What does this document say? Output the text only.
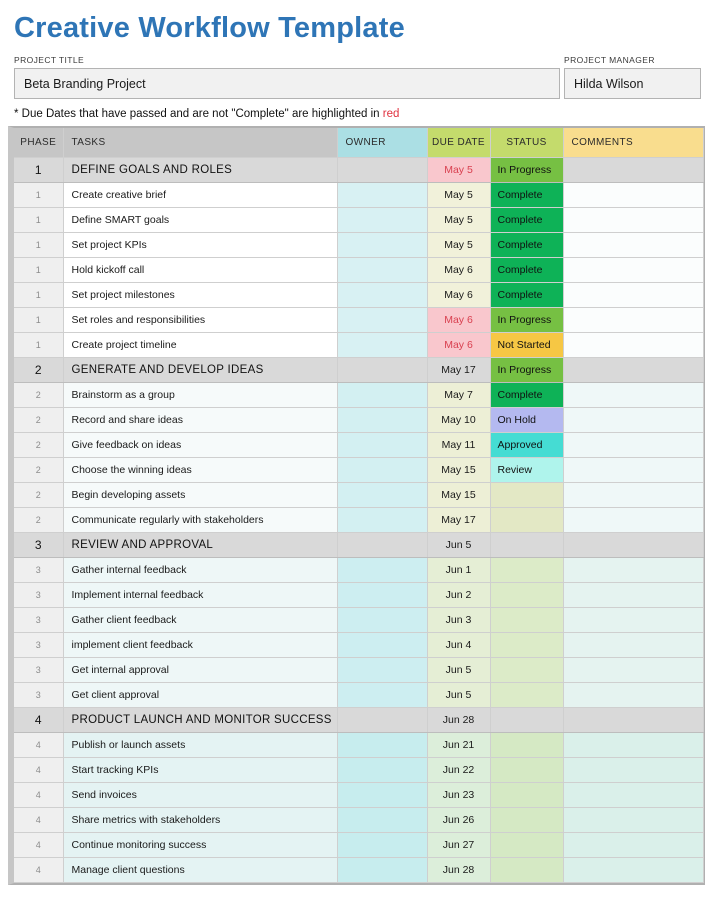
Creative Workflow Template
PROJECT TITLE
Beta Branding Project
PROJECT MANAGER
Hilda Wilson
* Due Dates that have passed and are not "Complete" are highlighted in red
PHASE	TASKS	OWNER	DUE DATE	STATUS	COMMENTS
1	DEFINE GOALS AND ROLES		May 5	In Progress	
1	Create creative brief		May 5	Complete	
1	Define SMART goals		May 5	Complete	
1	Set project KPIs		May 5	Complete	
1	Hold kickoff call		May 6	Complete	
1	Set project milestones		May 6	Complete	
1	Set roles and responsibilities		May 6	In Progress	
1	Create project timeline		May 6	Not Started	
2	GENERATE AND DEVELOP IDEAS		May 17	In Progress	
2	Brainstorm as a group		May 7	Complete	
2	Record and share ideas		May 10	On Hold	
2	Give feedback on ideas		May 11	Approved	
2	Choose the winning ideas		May 15	Review	
2	Begin developing assets		May 15		
2	Communicate regularly with stakeholders		May 17		
3	REVIEW AND APPROVAL		Jun 5		
3	Gather internal feedback		Jun 1		
3	Implement internal feedback		Jun 2		
3	Gather client feedback		Jun 3		
3	implement client feedback		Jun 4		
3	Get internal approval		Jun 5		
3	Get client approval		Jun 5		
4	PRODUCT LAUNCH AND MONITOR SUCCESS		Jun 28		
4	Publish or launch assets		Jun 21		
4	Start tracking KPIs		Jun 22		
4	Send invoices		Jun 23		
4	Share metrics with stakeholders		Jun 26		
4	Continue monitoring success		Jun 27		
4	Manage client questions		Jun 28		
